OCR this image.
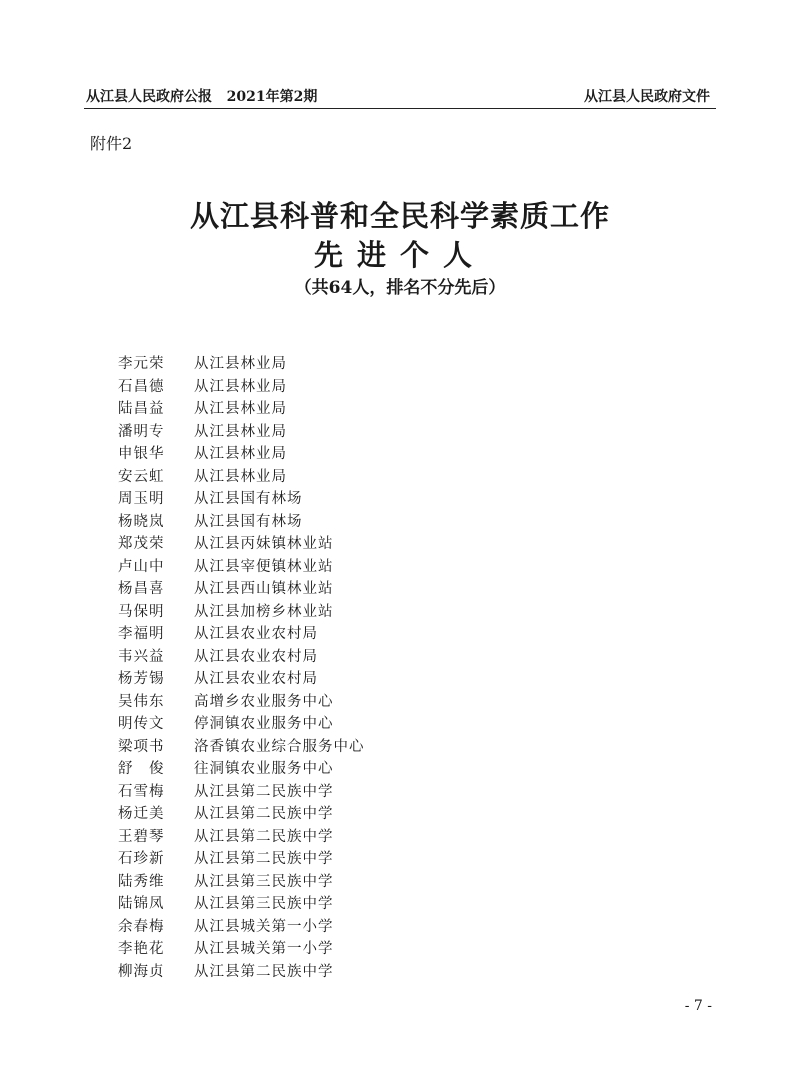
从江县人民政府公报   2021年第2期	从江县人民政府文件
附件2
从江县科普和全民科学素质工作
先进个人
（共64人，排名不分先后）
李元荣	从江县林业局
石昌德	从江县林业局
陆昌益	从江县林业局
潘明专	从江县林业局
申银华	从江县林业局
安云虹	从江县林业局
周玉明	从江县国有林场
杨晓岚	从江县国有林场
郑茂荣	从江县丙妹镇林业站
卢山中	从江县宰便镇林业站
杨昌喜	从江县西山镇林业站
马保明	从江县加榜乡林业站
李福明	从江县农业农村局
韦兴益	从江县农业农村局
杨芳锡	从江县农业农村局
吴伟东	高增乡农业服务中心
明传文	停洞镇农业服务中心
梁项书	洛香镇农业综合服务中心
舒　俊	往洞镇农业服务中心
石雪梅	从江县第二民族中学
杨迁美	从江县第二民族中学
王碧琴	从江县第二民族中学
石珍新	从江县第二民族中学
陆秀维	从江县第三民族中学
陆锦凤	从江县第三民族中学
余春梅	从江县城关第一小学
李艳花	从江县城关第一小学
柳海贞	从江县第二民族中学
- 7 -
